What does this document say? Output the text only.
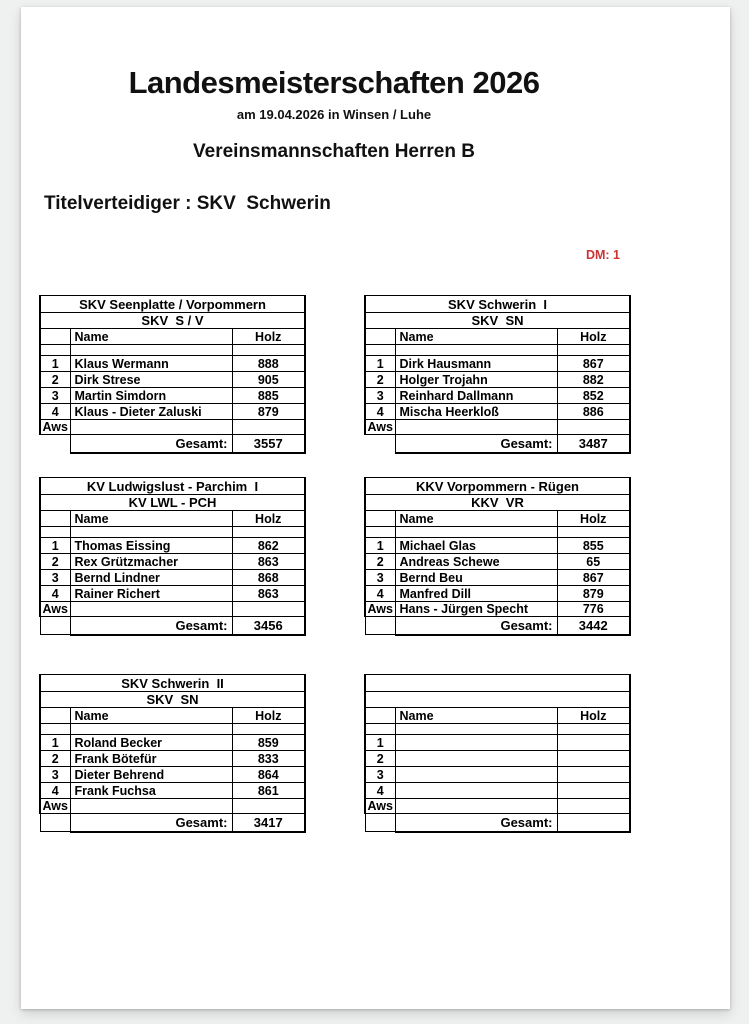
Landesmeisterschaften 2026
am 19.04.2026 in Winsen / Luhe
Vereinsmannschaften Herren B
Titelverteidiger : SKV  Schwerin
DM: 1
SKV Seenplatte / Vorpommern		
SKV  S / V		
	Name	Holz

1	Klaus Wermann	888
2	Dirk Strese	905
3	Martin Simdorn	885
4	Klaus - Dieter Zaluski	879
Aws		
	Gesamt:	3557
SKV Schwerin  I		
SKV  SN		
	Name	Holz

1	Dirk Hausmann	867
2	Holger Trojahn	882
3	Reinhard Dallmann	852
4	Mischa Heerkloß	886
Aws		
	Gesamt:	3487
KV Ludwigslust - Parchim  I		
KV LWL - PCH		
	Name	Holz

1	Thomas Eissing	862
2	Rex Grützmacher	863
3	Bernd Lindner	868
4	Rainer Richert	863
Aws		
	Gesamt:	3456
KKV Vorpommern - Rügen		
KKV  VR		
	Name	Holz

1	Michael Glas	855
2	Andreas Schewe	65
3	Bernd Beu	867
4	Manfred Dill	879
Aws	Hans - Jürgen Specht	776
	Gesamt:	3442
SKV Schwerin  II		
SKV  SN		
	Name	Holz

1	Roland Becker	859
2	Frank Bötefür	833
3	Dieter Behrend	864
4	Frank Fuchsa	861
Aws		
	Gesamt:	3417

	Name	Holz

1		
2		
3		
4		
Aws		
	Gesamt:	
